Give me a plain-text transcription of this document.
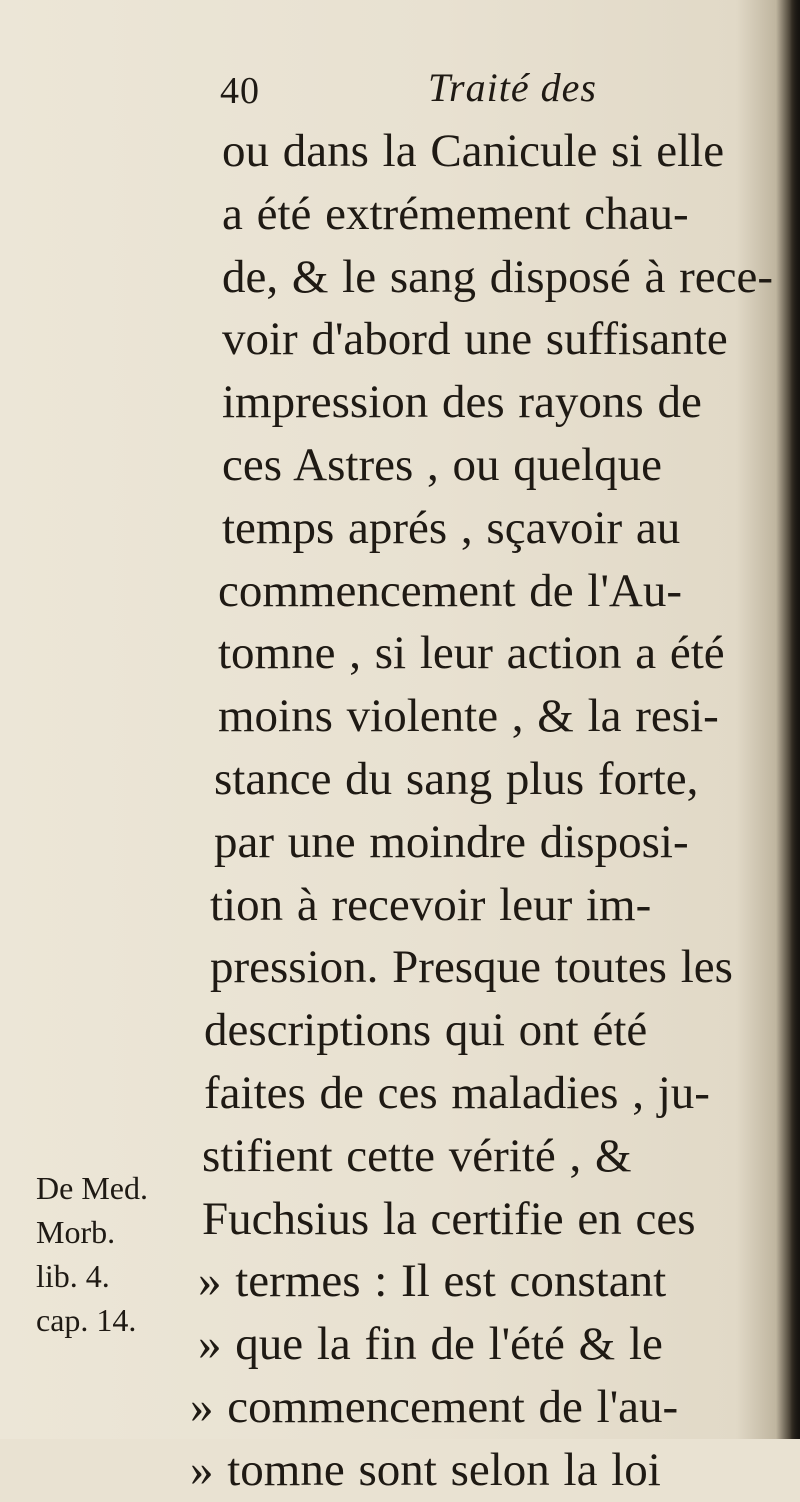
40	Traité des
ou dans la Canicule si elle
a été extrémement chau-
de, & le sang disposé à rece-
voir d'abord une suffisante
impression des rayons de
ces Astres , ou quelque
temps aprés , sçavoir au
commencement de l'Au-
tomne , si leur action a été
moins violente , & la resi-
stance du sang plus forte,
par une moindre disposi-
tion à recevoir leur im-
pression. Presque toutes les
descriptions qui ont été
faites de ces maladies , ju-
stifient cette vérité , &
Fuchsius la certifie en ces
» termes : Il est constant
» que la fin de l'été & le
» commencement de l'au-
» tomne sont selon la loi
De Med.
Morb.
lib. 4.
cap. 14.
